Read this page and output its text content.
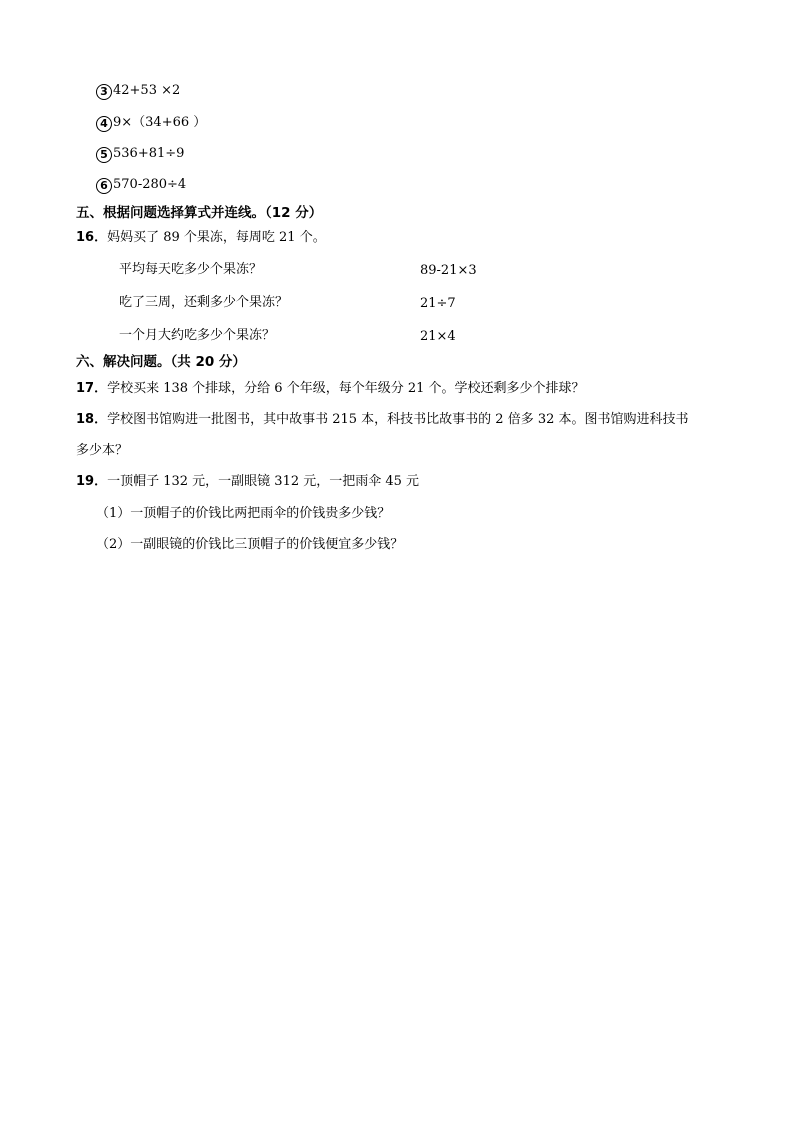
3 42+53 ×2
4 9×（34+66 ）
5 536+81÷9
6 570-280÷4
五、根据问题选择算式并连线。（12 分）
16．妈妈买了 89 个果冻，每周吃 21 个。
平均每天吃多少个果冻？	89-21×3
吃了三周，还剩多少个果冻？	21÷7
一个月大约吃多少个果冻？	21×4
六、解决问题。（共 20 分）
17．学校买来 138 个排球，分给 6 个年级，每个年级分 21 个。学校还剩多少个排球？
18．学校图书馆购进一批图书，其中故事书 215 本，科技书比故事书的 2 倍多 32 本。图书馆购进科技书
多少本？
19．一顶帽子 132 元，一副眼镜 312 元，一把雨伞 45 元
（1）一顶帽子的价钱比两把雨伞的价钱贵多少钱？
（2）一副眼镜的价钱比三顶帽子的价钱便宜多少钱？
